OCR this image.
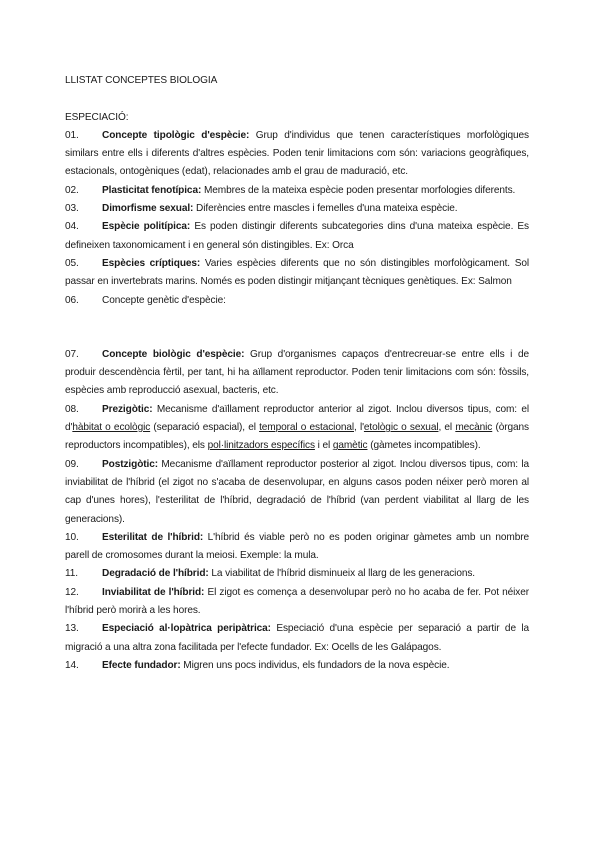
LLISTAT CONCEPTES BIOLOGIA

ESPECIACIÓ:

01. Concepte tipològic d'espècie: Grup d'individus que tenen característiques morfològiques similars entre ells i diferents d'altres espècies. Poden tenir limitacions com són: variacions geogràfiques, estacionals, ontogèniques (edat), relacionades amb el grau de maduració, etc.

02. Plasticitat fenotípica: Membres de la mateixa espècie poden presentar morfologies diferents.

03. Dimorfisme sexual: Diferències entre mascles i femelles d'una mateixa espècie.

04. Espècie politípica: Es poden distingir diferents subcategories dins d'una mateixa espècie. Es defineixen taxonomicament i en general són distingibles. Ex: Orca

05. Espècies críptiques: Varies espècies diferents que no són distingibles morfològicament. Sol passar en invertebrats marins. Només es poden distingir mitjançant tècniques genètiques. Ex: Salmon

06. Concepte genètic d'espècie:

07. Concepte biològic d'espècie: Grup d'organismes capaços d'entrecreuar-se entre ells i de produir descendència fèrtil, per tant, hi ha aïllament reproductor. Poden tenir limitacions com són: fòssils, espècies amb reproducció asexual, bacteris, etc.

08. Prezigòtic: Mecanisme d'aïllament reproductor anterior al zigot. Inclou diversos tipus, com: el d'hàbitat o ecològic (separació espacial), el temporal o estacional, l'etològic o sexual, el mecànic (òrgans reproductors incompatibles), els pol·linitzadors específics i el gamètic (gàmetes incompatibles).

09. Postzigòtic: Mecanisme d'aïllament reproductor posterior al zigot. Inclou diversos tipus, com: la inviabilitat de l'híbrid (el zigot no s'acaba de desenvolupar, en alguns casos poden néixer però moren al cap d'unes hores), l'esterilitat de l'híbrid, degradació de l'híbrid (van perdent viabilitat al llarg de les generacions).

10. Esterilitat de l'híbrid: L'híbrid és viable però no es poden originar gàmetes amb un nombre parell de cromosomes durant la meiosi. Exemple: la mula.

11. Degradació de l'híbrid: La viabilitat de l'híbrid disminueix al llarg de les generacions.

12. Inviabilitat de l'híbrid: El zigot es comença a desenvolupar però no ho acaba de fer. Pot néixer l'híbrid però morirà a les hores.

13. Especiació al·lopàtrica peripàtrica: Especiació d'una espècie per separació a partir de la migració a una altra zona facilitada per l'efecte fundador. Ex: Ocells de les Galápagos.

14. Efecte fundador: Migren uns pocs individus, els fundadors de la nova espècie.
